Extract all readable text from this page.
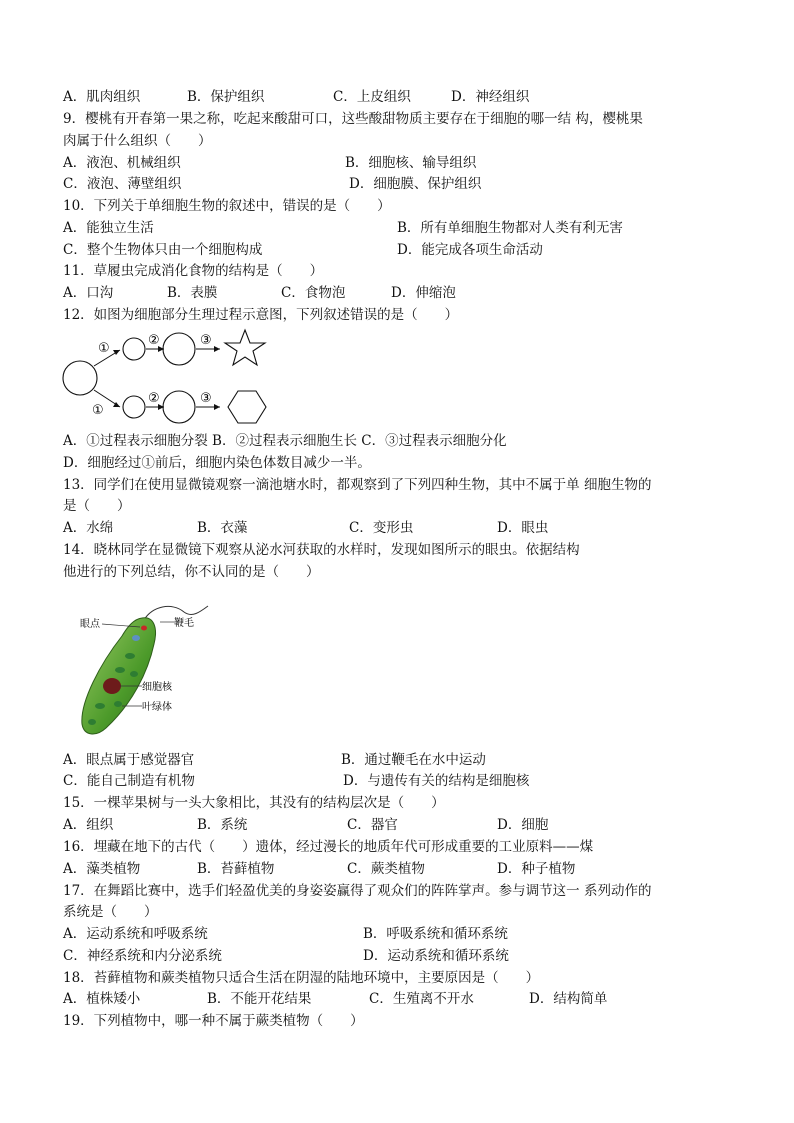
A．肌肉组织	B．保护组织	C．上皮组织	D．神经组织
9．樱桃有开春第一果之称，吃起来酸甜可口，这些酸甜物质主要存在于细胞的哪一结 构，樱桃果
肉属于什么组织（　　）
A．液泡、机械组织	B．细胞核、输导组织
C．液泡、薄壁组织	D．细胞膜、保护组织
10．下列关于单细胞生物的叙述中，错误的是（　　）
A．能独立生活	B．所有单细胞生物都对人类有利无害
C．整个生物体只由一个细胞构成	D．能完成各项生命活动
11．草履虫完成消化食物的结构是（　　）
A．口沟	B．表膜	C．食物泡	D．伸缩泡
12．如图为细胞部分生理过程示意图，下列叙述错误的是（　　）
①
②	③
①
②	③
A．①过程表示细胞分裂 B．②过程表示细胞生长 C．③过程表示细胞分化
D．细胞经过①前后，细胞内染色体数目减少一半。
13．同学们在使用显微镜观察一滴池塘水时，都观察到了下列四种生物，其中不属于单 细胞生物的
是（　　）
A．水绵	B．衣藻	C．变形虫	D．眼虫
14．晓林同学在显微镜下观察从泌水河获取的水样时，发现如图所示的眼虫。依据结构
他进行的下列总结，你不认同的是（　　）
眼点	鞭毛
细胞核
叶绿体
A．眼点属于感觉器官	B．通过鞭毛在水中运动
C．能自己制造有机物	D．与遗传有关的结构是细胞核
15．一棵苹果树与一头大象相比，其没有的结构层次是（　　）
A．组织	B．系统	C．器官	D．细胞
16．埋藏在地下的古代（　　）遗体，经过漫长的地质年代可形成重要的工业原料——煤
A．藻类植物	B．苔藓植物	C．蕨类植物	D．种子植物
17．在舞蹈比赛中，选手们轻盈优美的身姿姿赢得了观众们的阵阵掌声。参与调节这一 系列动作的
系统是（　　）
A．运动系统和呼吸系统	B．呼吸系统和循环系统
C．神经系统和内分泌系统	D．运动系统和循环系统
18．苔藓植物和蕨类植物只适合生活在阴湿的陆地环境中，主要原因是（　　）
A．植株矮小	B．不能开花结果	C．生殖离不开水	D．结构简单
19．下列植物中，哪一种不属于蕨类植物（　　）
